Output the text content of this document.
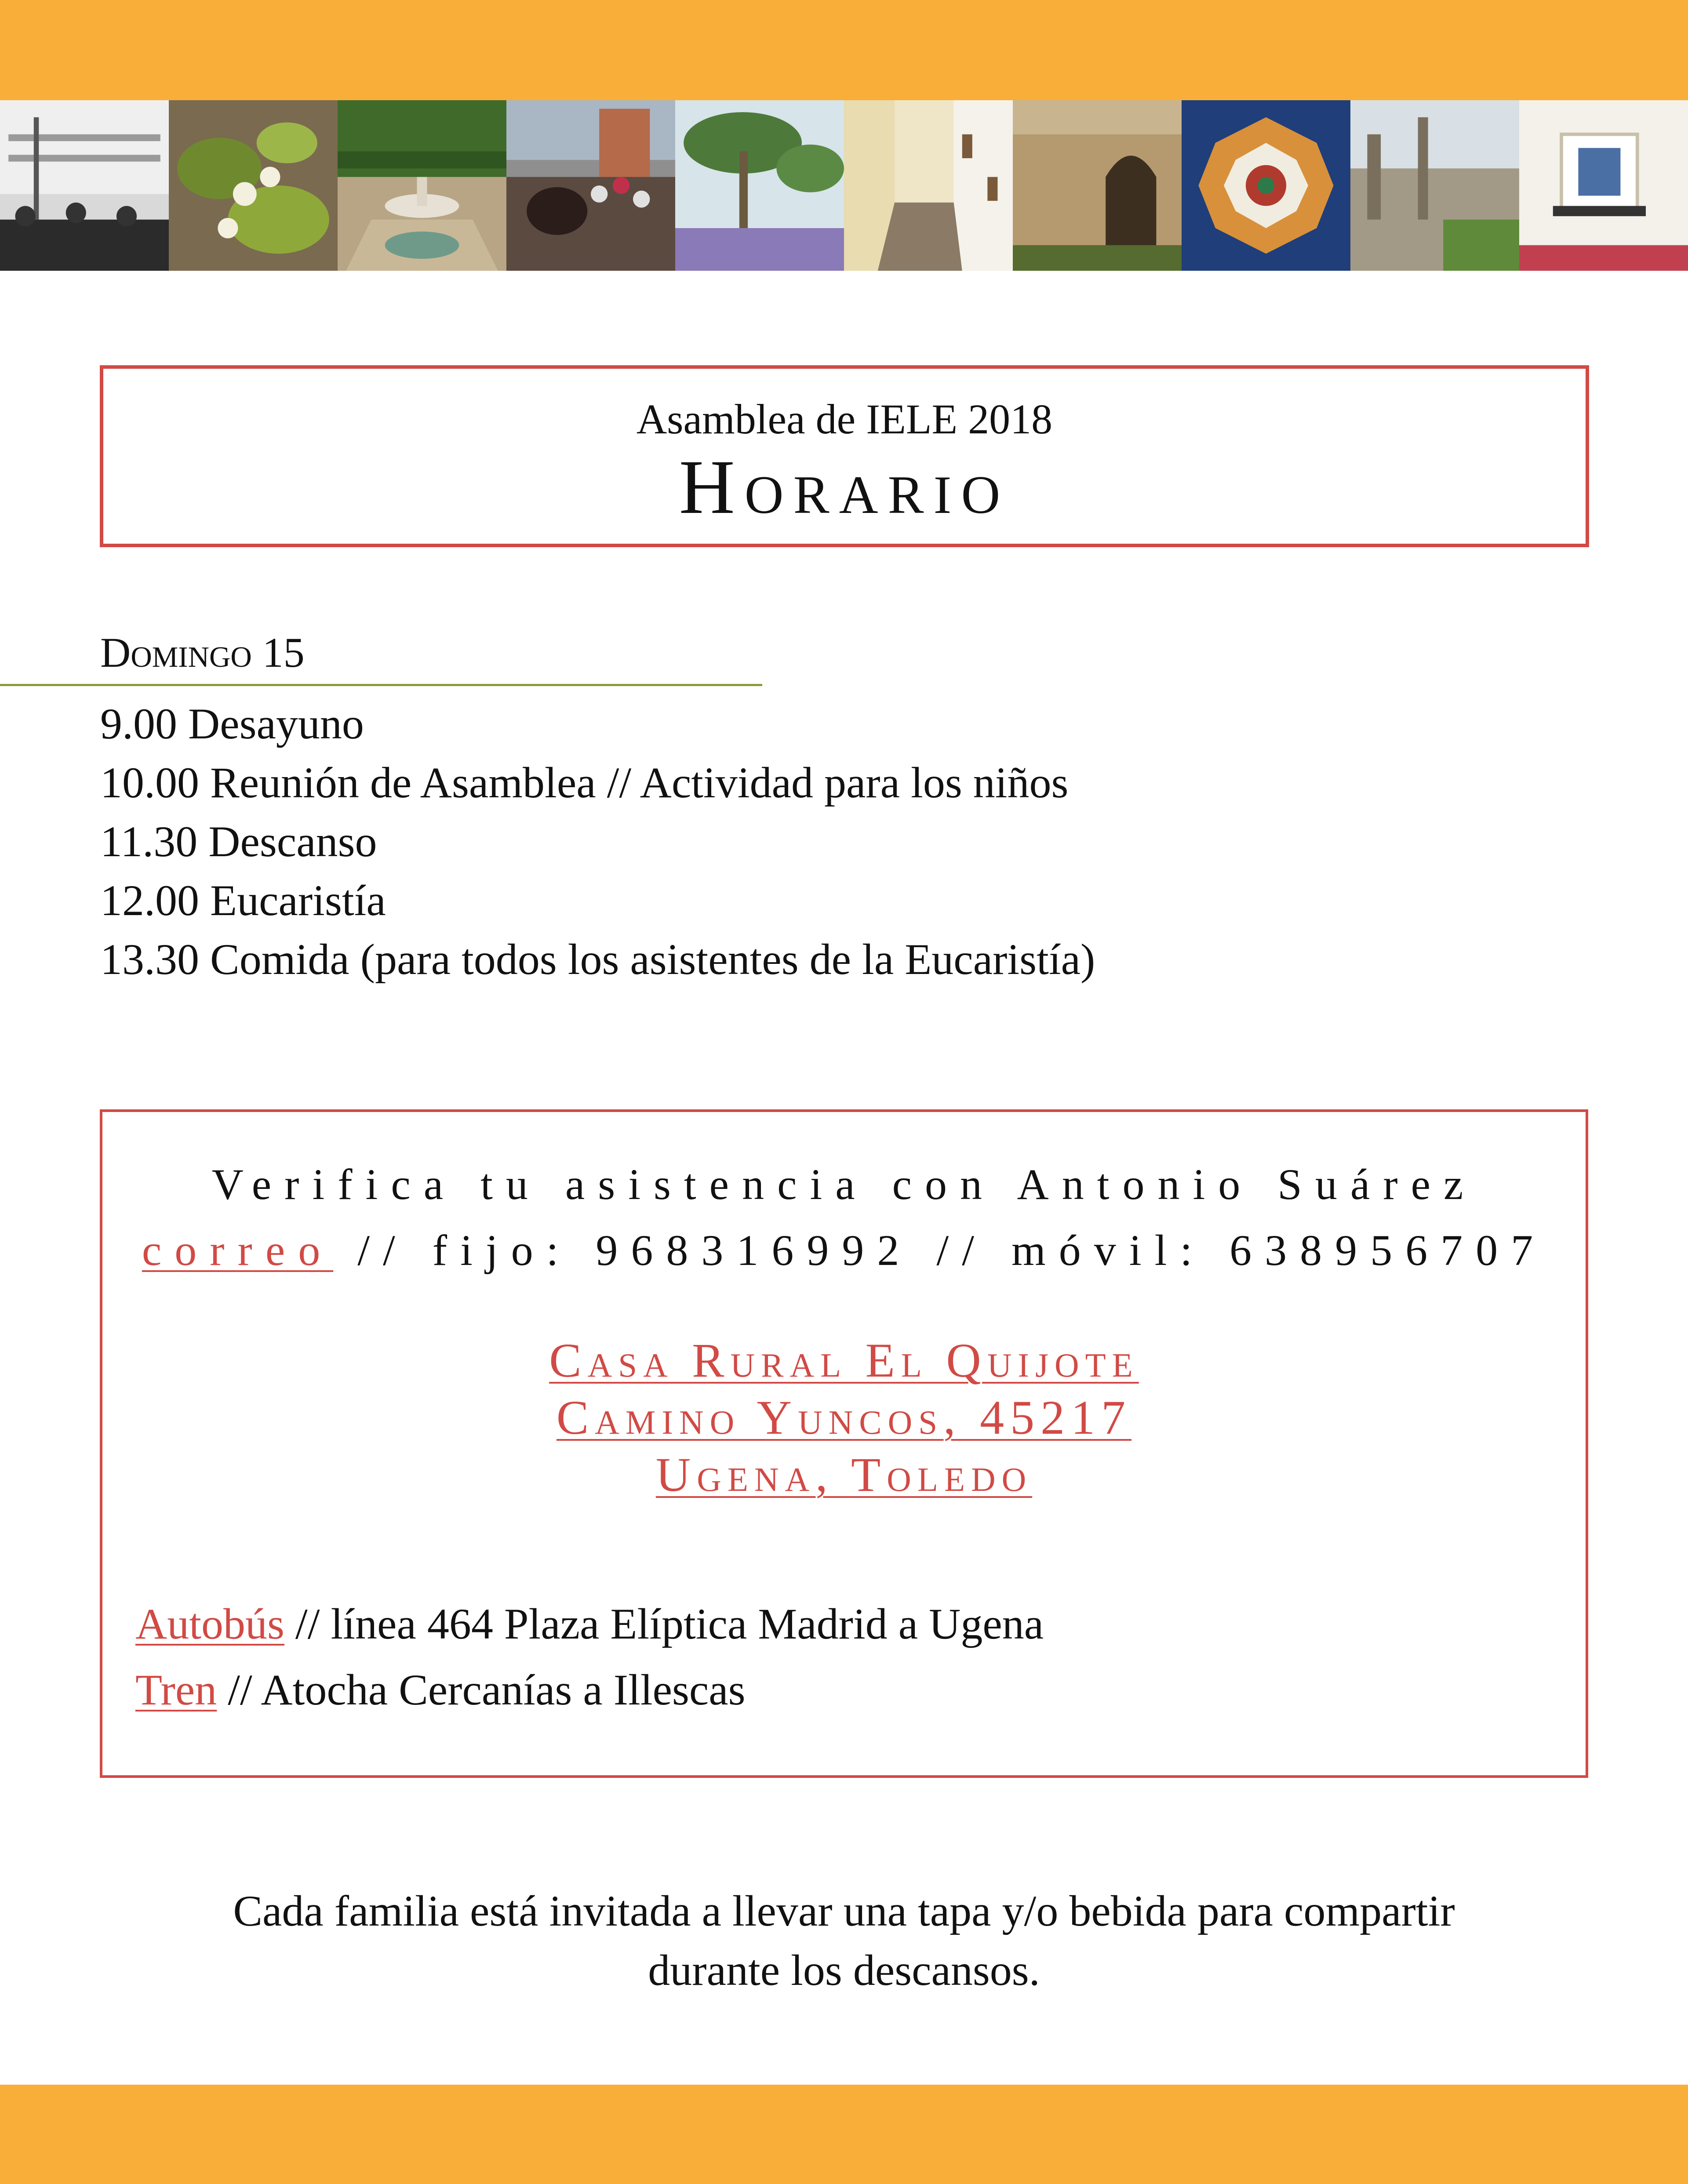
Asamblea de IELE 2018
Horario
Domingo 15
9.00 Desayuno
10.00 Reunión de Asamblea // Actividad para los niños
11.30 Descanso
12.00 Eucaristía
13.30 Comida (para todos los asistentes de la Eucaristía)
Verifica tu asistencia con Antonio Suárez
correo // fijo: 968316992 // móvil: 638956707
Casa Rural El Quijote
Camino Yuncos, 45217
Ugena, Toledo
Autobús // línea 464 Plaza Elíptica Madrid a Ugena
Tren // Atocha Cercanías a Illescas
Cada familia está invitada a llevar una tapa y/o bebida para compartir
durante los descansos.
